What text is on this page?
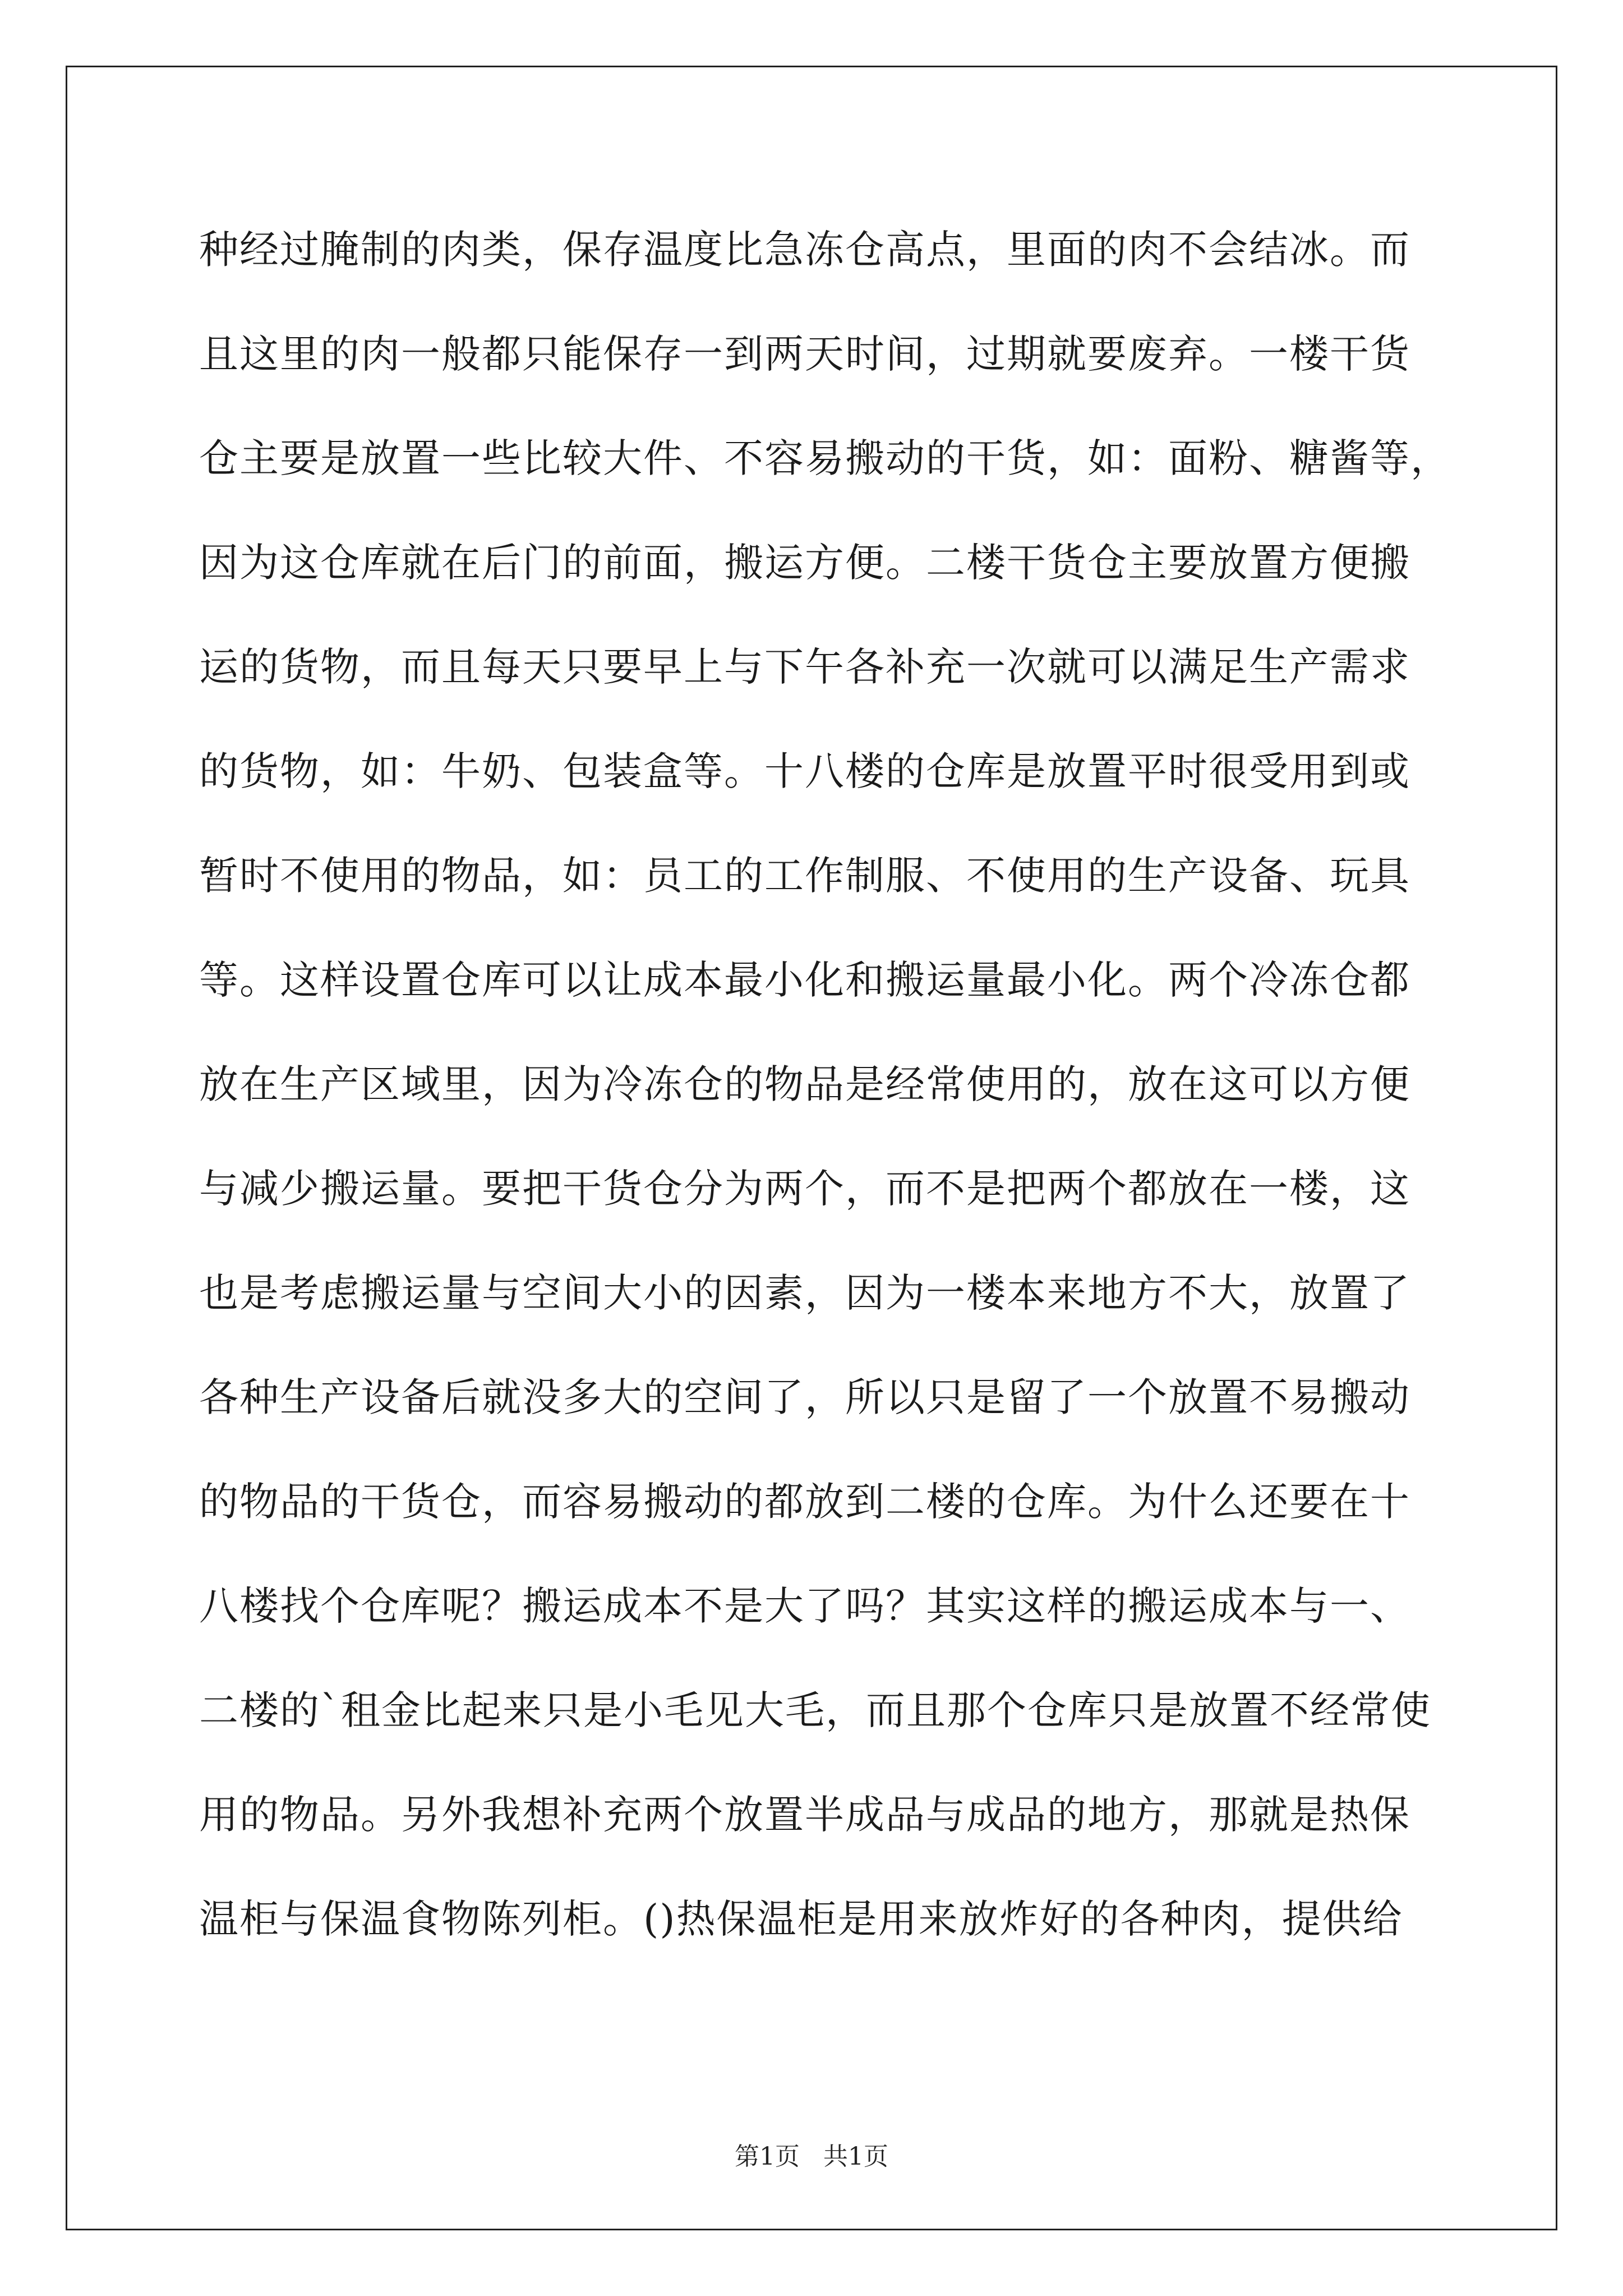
种经过腌制的肉类，保存温度比急冻仓高点，里面的肉不会结冰。而
且这里的肉一般都只能保存一到两天时间，过期就要废弃。一楼干货
仓主要是放置一些比较大件、不容易搬动的干货，如：面粉、糖酱等，
因为这仓库就在后门的前面，搬运方便。二楼干货仓主要放置方便搬
运的货物，而且每天只要早上与下午各补充一次就可以满足生产需求
的货物，如：牛奶、包装盒等。十八楼的仓库是放置平时很受用到或
暂时不使用的物品，如：员工的工作制服、不使用的生产设备、玩具
等。这样设置仓库可以让成本最小化和搬运量最小化。两个冷冻仓都
放在生产区域里，因为冷冻仓的物品是经常使用的，放在这可以方便
与减少搬运量。要把干货仓分为两个，而不是把两个都放在一楼，这
也是考虑搬运量与空间大小的因素，因为一楼本来地方不大，放置了
各种生产设备后就没多大的空间了，所以只是留了一个放置不易搬动
的物品的干货仓，而容易搬动的都放到二楼的仓库。为什么还要在十
八楼找个仓库呢？搬运成本不是大了吗？其实这样的搬运成本与一、
二楼的`租金比起来只是小毛见大毛，而且那个仓库只是放置不经常使
用的物品。另外我想补充两个放置半成品与成品的地方，那就是热保
温柜与保温食物陈列柜。()热保温柜是用来放炸好的各种肉，提供给
第1页   共1页
